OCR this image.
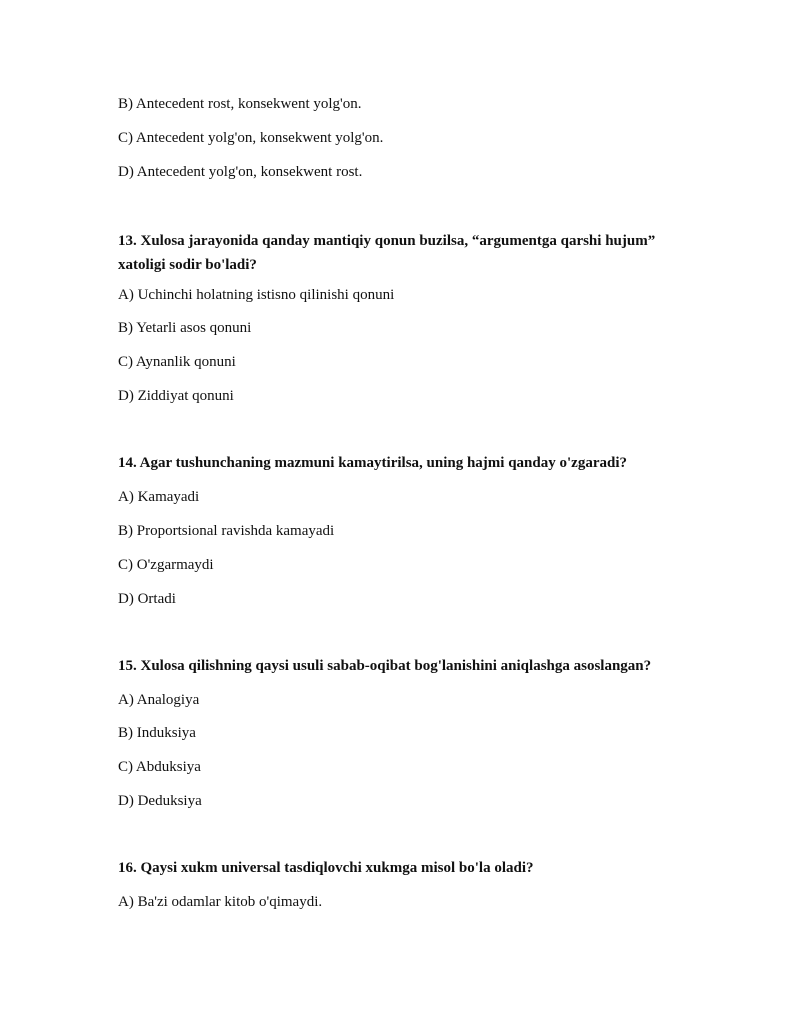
B) Antecedent rost, konsekwent yolg'on.
C) Antecedent yolg'on, konsekwent yolg'on.
D) Antecedent yolg'on, konsekwent rost.
13. Xulosa jarayonida qanday mantiqiy qonun buzilsa, “argumentga qarshi hujum” xatoligi sodir bo'ladi?
A) Uchinchi holatning istisno qilinishi qonuni
B) Yetarli asos qonuni
C) Aynanlik qonuni
D) Ziddiyat qonuni
14. Agar tushunchaning mazmuni kamaytirilsa, uning hajmi qanday o'zgaradi?
A) Kamayadi
B) Proportsional ravishda kamayadi
C) O'zgarmaydi
D) Ortadi
15. Xulosa qilishning qaysi usuli sabab-oqibat bog'lanishini aniqlashga asoslangan?
A) Analogiya
B) Induksiya
C) Abduksiya
D) Deduksiya
16. Qaysi xukm universal tasdiqlovchi xukmga misol bo'la oladi?
A) Ba'zi odamlar kitob o'qimaydi.
